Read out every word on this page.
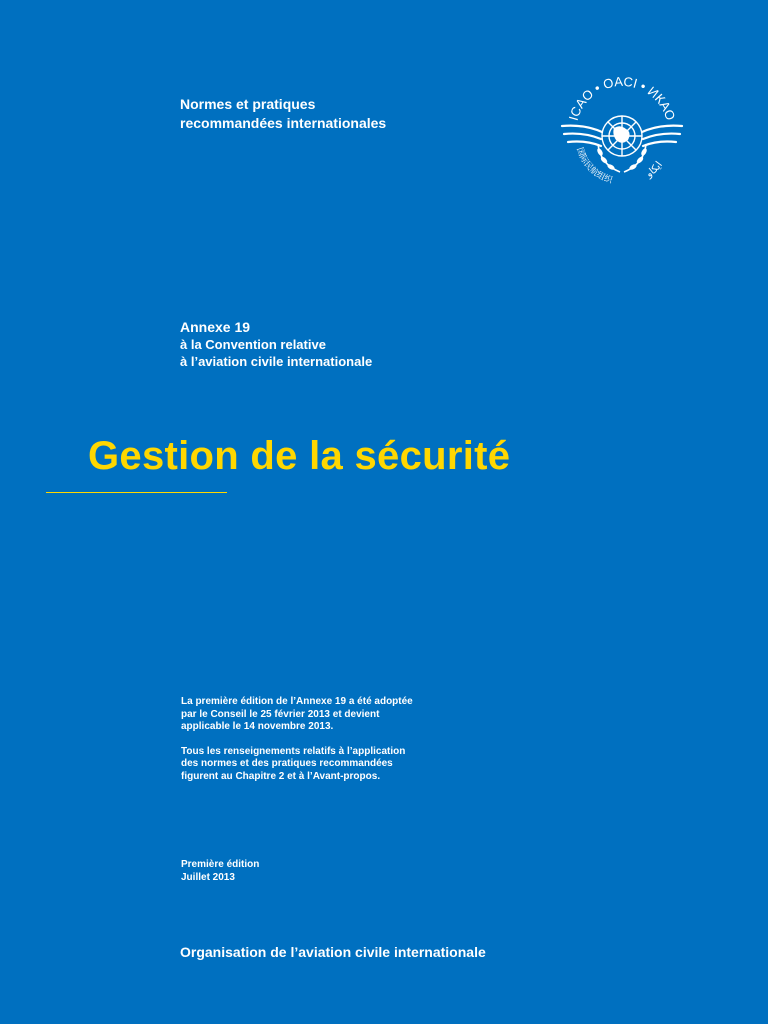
Normes et pratiques
recommandées internationales	ICAO • OACI • ИКАО
国际民航组织	ايكاو
Annexe 19
à la Convention relative
à l’aviation civile internationale
Gestion de la sécurité

La première édition de l’Annexe 19 a été adoptée
par le Conseil le 25 février 2013 et devient
applicable le 14 novembre 2013.

Tous les renseignements relatifs à l’application
des normes et des pratiques recommandées
figurent au Chapitre 2 et à l’Avant-propos.

Première édition
Juillet 2013
Organisation de l’aviation civile internationale
